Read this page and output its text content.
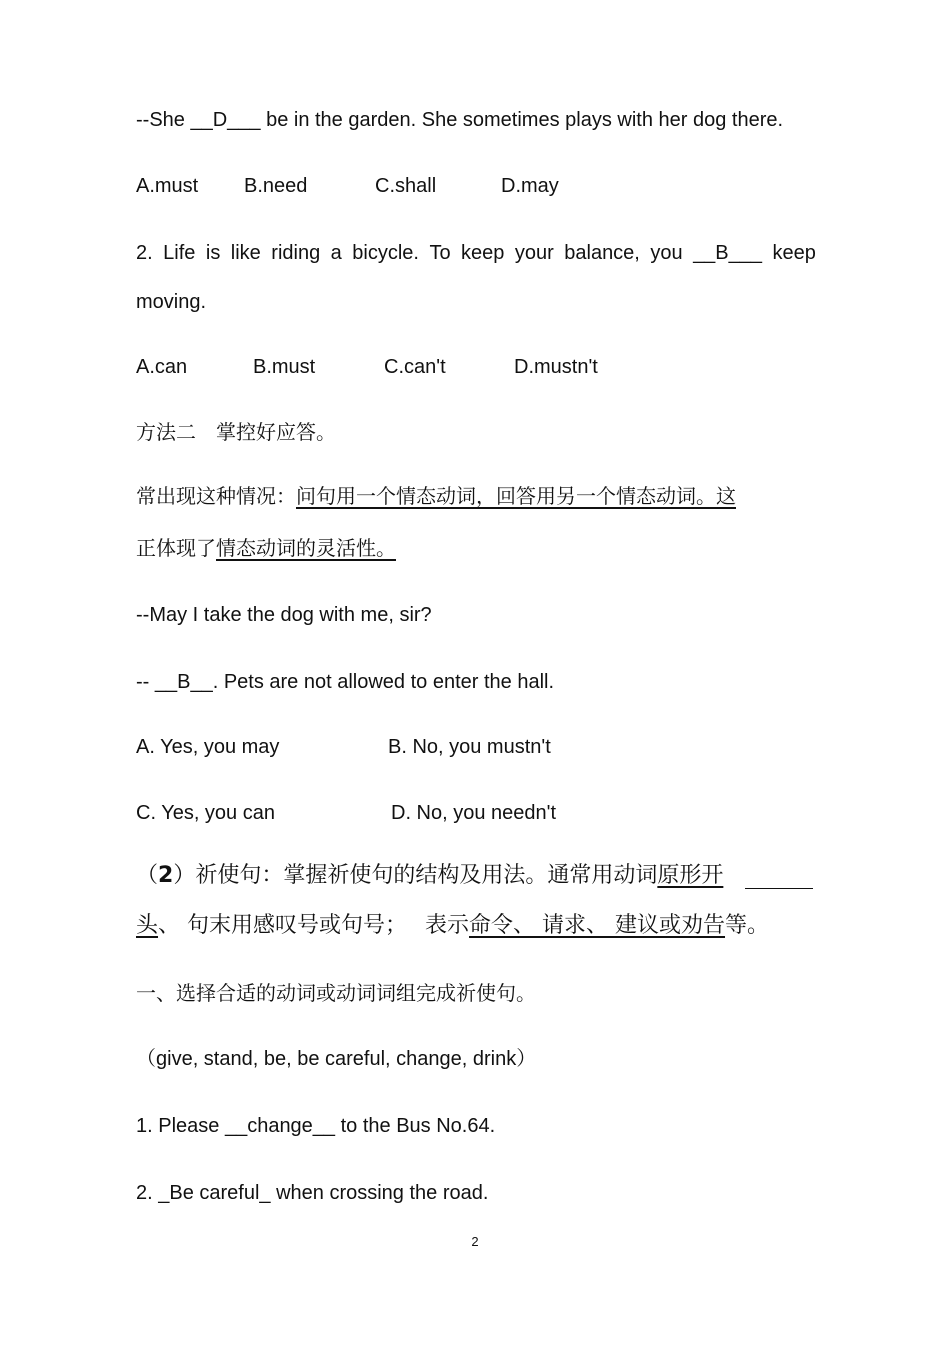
--She __D___ be in the garden. She sometimes plays with her dog there.
A.must B.need	C.shall	D.may
2. Life is like riding a bicycle. To keep your balance, you __B___ keep
moving.
A.can	B.must	C.can't	D.mustn't
方法二　掌控好应答。
常出现这种情况：问句用一个情态动词，回答用另一个情态动词。这
正体现了情态动词的灵活性。
--May I take the dog with me, sir?
-- __B__. Pets are not allowed to enter the hall.
A. Yes, you may	B. No, you mustn't
C. Yes, you can	D. No, you needn't
（2）祈使句：掌握祈使句的结构及用法。通常用动词原形开
头、 句末用感叹号或句号；　 表示命令、 请求、 建议或劝告等。
一、选择合适的动词或动词词组完成祈使句。
（give, stand, be, be careful, change, drink）
1. Please __change__ to the Bus No.64.
2. _Be careful_ when crossing the road.
2
